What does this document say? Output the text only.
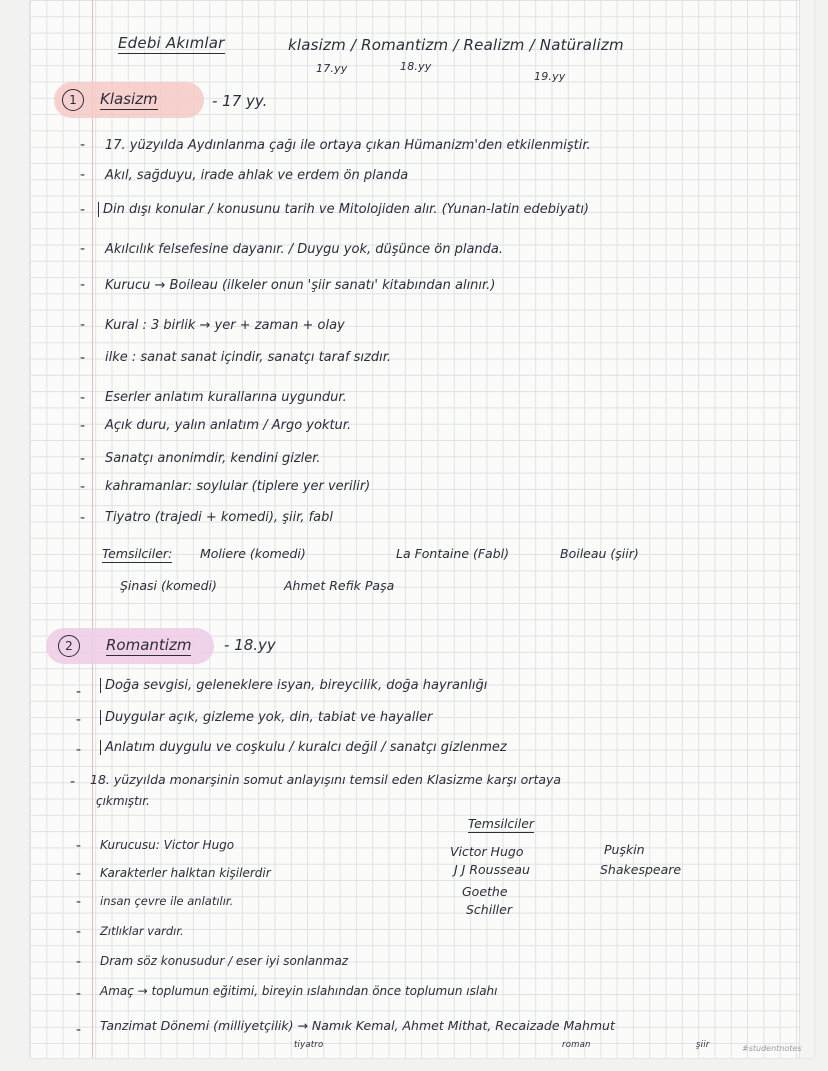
Edebi Akımlar	klasizm / Romantizm / Realizm / Natüralizm
17.yy	18.yy
19.yy
1	Klasizm	- 17 yy.
- 17. yüzyılda Aydınlanma çağı ile ortaya çıkan Hümanizm'den etkilenmiştir.
- Akıl, sağduyu, irade ahlak ve erdem ön planda
-	Din dışı konular / konusunu tarih ve Mitolojiden alır. (Yunan-latin edebiyatı)
- Akılcılık felsefesine dayanır. / Duygu yok, düşünce ön planda.
- Kurucu → Boileau (ilkeler onun 'şiir sanatı' kitabından alınır.)
- Kural : 3 birlik → yer + zaman + olay
- ilke : sanat sanat içindir, sanatçı taraf sızdır.
- Eserler anlatım kurallarına uygundur.
- Açık duru, yalın anlatım / Argo yoktur.
- Sanatçı anonimdir, kendini gizler.
- kahramanlar: soylular (tiplere yer verilir)
- Tiyatro (trajedi + komedi), şiir, fabl
Temsilciler: Moliere (komedi)	La Fontaine (Fabl)	Boileau (şiir)
Şinasi (komedi)	Ahmet Refik Paşa
2	Romantizm - 18.yy
-	Doğa sevgisi, geleneklere isyan, bireycilik, doğa hayranlığı
-	Duygular açık, gizleme yok, din, tabiat ve hayaller
-	Anlatım duygulu ve coşkulu / kuralcı değil / sanatçı gizlenmez
- 18. yüzyılda monarşinin somut anlayışını temsil eden Klasizme karşı ortaya
çıkmıştır.
- Kurucusu: Victor Hugo
- Karakterler halktan kişilerdir
- insan çevre ile anlatılır.
- Zıtlıklar vardır.
- Dram söz konusudur / eser iyi sonlanmaz
- Amaç → toplumun eğitimi, bireyin ıslahından önce toplumun ıslahı
- Tanzimat Dönemi (milliyetçilik) → Namık Kemal, Ahmet Mithat, Recaizade Mahmut
Temsilciler
Victor Hugo	Puşkin
J J Rousseau	Shakespeare
Goethe
Schiller
tiyatro	roman	şiir	#studentnotes
